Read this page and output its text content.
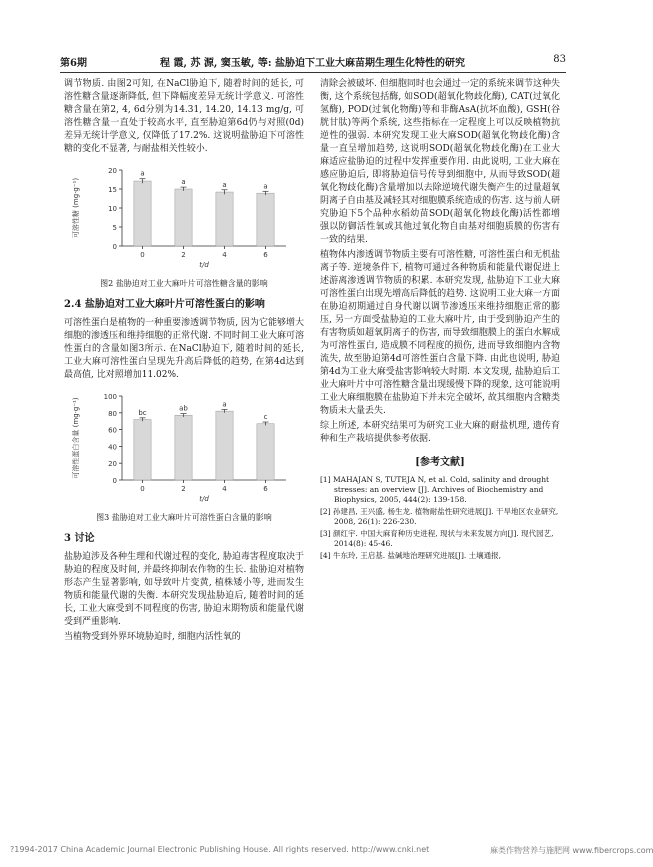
第6期	程 霞, 苏 源, 窦玉敏, 等: 盐胁迫下工业大麻苗期生理生化特性的研究	83

调节物质. 由图2可知, 在NaCl胁迫下, 随着时间的延长, 可溶性糖含量逐渐降低, 但下降幅度差异无统计学意义. 可溶性糖含量在第2, 4, 6d分别为14.31, 14.20, 14.13 mg/g, 可溶性糖含量一直处于较高水平, 直至胁迫第6d仍与对照(0d)差异无统计学意义, 仅降低了17.2%. 这说明盐胁迫下可溶性糖的变化不显著, 与耐盐相关性较小.

0
5
10
15
20
可溶性糖 (mg·g⁻¹)
a
0
a
2
a
4
a
6
t/d
图2 盐胁迫对工业大麻叶片可溶性糖含量的影响
2.4 盐胁迫对工业大麻叶片可溶性蛋白的影响

可溶性蛋白是植物的一种重要渗透调节物质, 因为它能够增大细胞的渗透压和维持细胞的正常代谢. 不同时间工业大麻可溶性蛋白的含量如图3所示. 在NaCl胁迫下, 随着时间的延长, 工业大麻可溶性蛋白呈现先升高后降低的趋势, 在第4d达到最高值, 比对照增加11.02%.

0
20
40
60
80
100
可溶性蛋白含量 (mg·g⁻¹)	bc
0
ab
2
a
4
c
6
t/d
图3 盐胁迫对工业大麻叶片可溶性蛋白含量的影响
3 讨论

盐胁迫涉及各种生理和代谢过程的变化, 胁迫毒害程度取决于胁迫的程度及时间, 并最终抑制农作物的生长. 盐胁迫对植物形态产生显著影响, 如导致叶片变黄, 植株矮小等, 进而发生物质和能量代谢的失衡. 本研究发现盐胁迫后, 随着时间的延长, 工业大麻受到不同程度的伤害, 胁迫末期物质和能量代谢受到严重影响.

当植物受到外界环境胁迫时, 细胞内活性氧的

清除会被破坏. 但细胞同时也会通过一定的系统来调节这种失衡, 这个系统包括酶, 如SOD(超氧化物歧化酶), CAT(过氧化氢酶), POD(过氧化物酶)等和非酶AsA(抗坏血酸), GSH(谷胱甘肽)等两个系统, 这些指标在一定程度上可以反映植物抗逆性的强弱. 本研究发现工业大麻SOD(超氧化物歧化酶)含量一直呈增加趋势, 这说明SOD(超氧化物歧化酶)在工业大麻适应盐胁迫的过程中发挥重要作用. 由此说明, 工业大麻在感应胁迫后, 即将胁迫信号传导到细胞中, 从而导致SOD(超氧化物歧化酶)含量增加以去除逆境代谢失衡产生的过量超氧阴离子自由基及减轻其对细胞膜系统造成的伤害. 这与前人研究胁迫下5个品种水稻幼苗SOD(超氧化物歧化酶)活性都增强以防御活性氧或其他过氧化物自由基对细胞质膜的伤害有一致的结果.

植物体内渗透调节物质主要有可溶性糖, 可溶性蛋白和无机盐离子等. 逆境条件下, 植物可通过各种物质和能量代谢促进上述游离渗透调节物质的积累. 本研究发现, 盐胁迫下工业大麻可溶性蛋白出现先增高后降低的趋势. 这说明工业大麻一方面在胁迫初期通过自身代谢以调节渗透压来维持细胞正常的膨压, 另一方面受盐胁迫的工业大麻叶片, 由于受到胁迫产生的有害物质如超氧阴离子的伤害, 而导致细胞膜上的蛋白水解成为可溶性蛋白, 造成膜不同程度的损伤, 进而导致细胞内含物流失, 故至胁迫第4d可溶性蛋白含量下降. 由此也说明, 胁迫第4d为工业大麻受盐害影响较大时期. 本文发现, 盐胁迫后工业大麻叶片中可溶性糖含量出现缓慢下降的现象, 这可能说明工业大麻细胞膜在盐胁迫下并未完全破坏, 故其细胞内含糖类物质未大量丢失.

综上所述, 本研究结果可为研究工业大麻的耐盐机理, 遗传育种和生产栽培提供参考依据.

[参考文献]

[1] MAHAJAN S, TUTEJA N, et al. Cold, salinity and drought stresses: an overview [J]. Archives of Biochemistry and Biophysics, 2005, 444(2): 139-158.

[2] 孙建昌, 王兴盛, 杨生龙. 植物耐盐性研究进展[J]. 干旱地区农业研究, 2008, 26(1): 226-230.

[3] 颜红宇. 中国大麻育种历史进程, 现状与未来发展方向[J]. 现代园艺, 2014(8): 45-46.

[4] 牛东玲, 王启基. 盐碱地治理研究进展[J]. 土壤通报,

?1994-2017 China Academic Journal Electronic Publishing House. All rights reserved. http://www.cnki.net	麻类作物营养与施肥网 www.fibercrops.com
